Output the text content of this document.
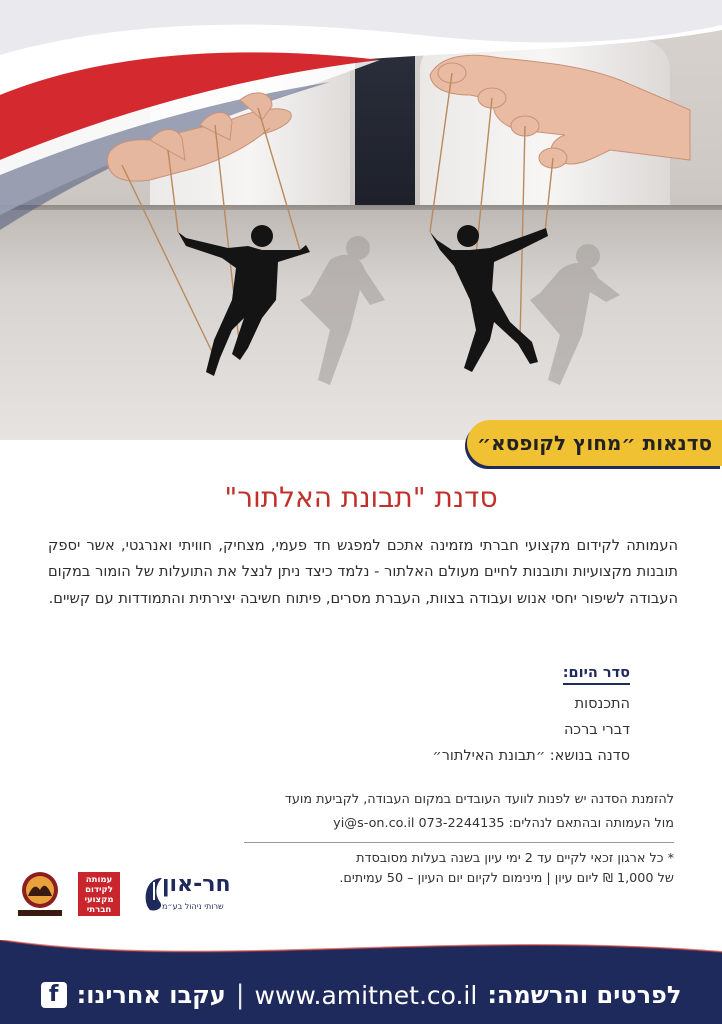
סדנאות ״מחוץ לקופסא״
סדנת "תבונת האלתור"

העמותה לקידום מקצועי חברתי מזמינה אתכם למפגש חד פעמי, מצחיק, חוויתי ואנרגטי, אשר יספק תובנות מקצועיות ותובנות לחיים מעולם האלתור - נלמד כיצד ניתן לנצל את התועלות של הומור במקום העבודה לשיפור יחסי אנוש ועבודה בצוות, העברת מסרים, פיתוח חשיבה יצירתית והתמודדות עם קשיים.

סדר היום:
התכנסות
דברי ברכה
סדנה בנושא: ״תבונת האילתור״
להזמנת הסדנה יש לפנות לוועד העובדים במקום העבודה, לקביעת מועד
מול העמותה ובהתאם לנהלים: yi@s-on.co.il 073-2244135
* כל ארגון זכאי לקיים עד 2 ימי עיון בשנה בעלות מסובסדת
של 1,000 ₪ ליום עיון | מינימום לקיום יום העיון – 50 עמיתים.
חר-און
שרותי ניהול בע״מ
עמותה לקידום מקצועי חברתי
לפרטים והרשמה:
www.amitnet.co.il
|
עקבו אחרינו:
f
